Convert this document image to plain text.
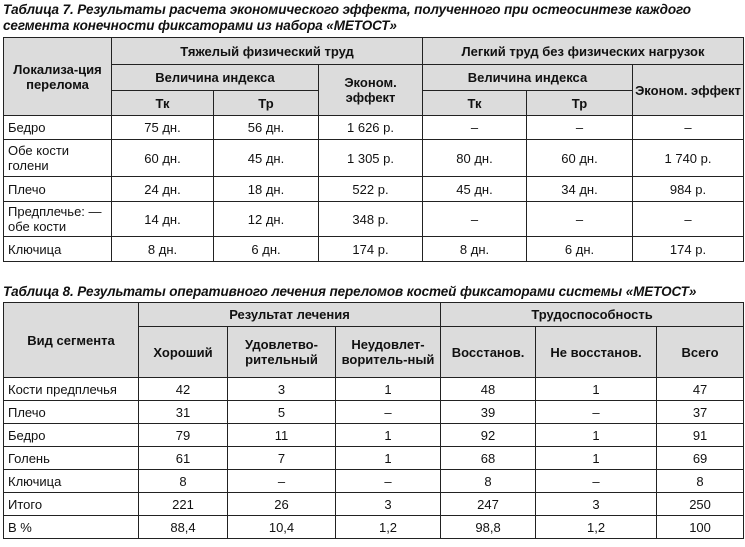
Таблица 7. Результаты расчета экономического эффекта, полученного при остеосинтезе каждого сегмента конечности фиксаторами из набора «МЕТОСТ»
Локализа-ция перелома	Тяжелый физический труд			Легкий труд без физических нагрузок		
	Величина индекса		Эконом. эффект	Величина индекса		Эконом. эффект
	Тк	Тр		Тк	Тр	
Бедро	75 дн.	56 дн.	1 626 р.	–	–	–
Обе кости голени	60 дн.	45 дн.	1 305 р.	80 дн.	60 дн.	1 740 р.
Плечо	24 дн.	18 дн.	522 р.	45 дн.	34 дн.	984 р.
Предплечье: — обе кости	14 дн.	12 дн.	348 р.	–	–	–
Ключица	8 дн.	6 дн.	174 р.	8 дн.	6 дн.	174 р.
Таблица 8. Результаты оперативного лечения переломов костей фиксаторами системы «МЕТОСТ»
Вид сегмента	Результат лечения			Трудоспособность		
	Хороший	Удовлетво-рительный	Неудовлет-воритель-ный	Восстанов.	Не восстанов.	Всего
Кости предплечья	42	3	1	48	1	47
Плечо	31	5	–	39	–	37
Бедро	79	11	1	92	1	91
Голень	61	7	1	68	1	69
Ключица	8	–	–	8	–	8
Итого	221	26	3	247	3	250
В %	88,4	10,4	1,2	98,8	1,2	100
